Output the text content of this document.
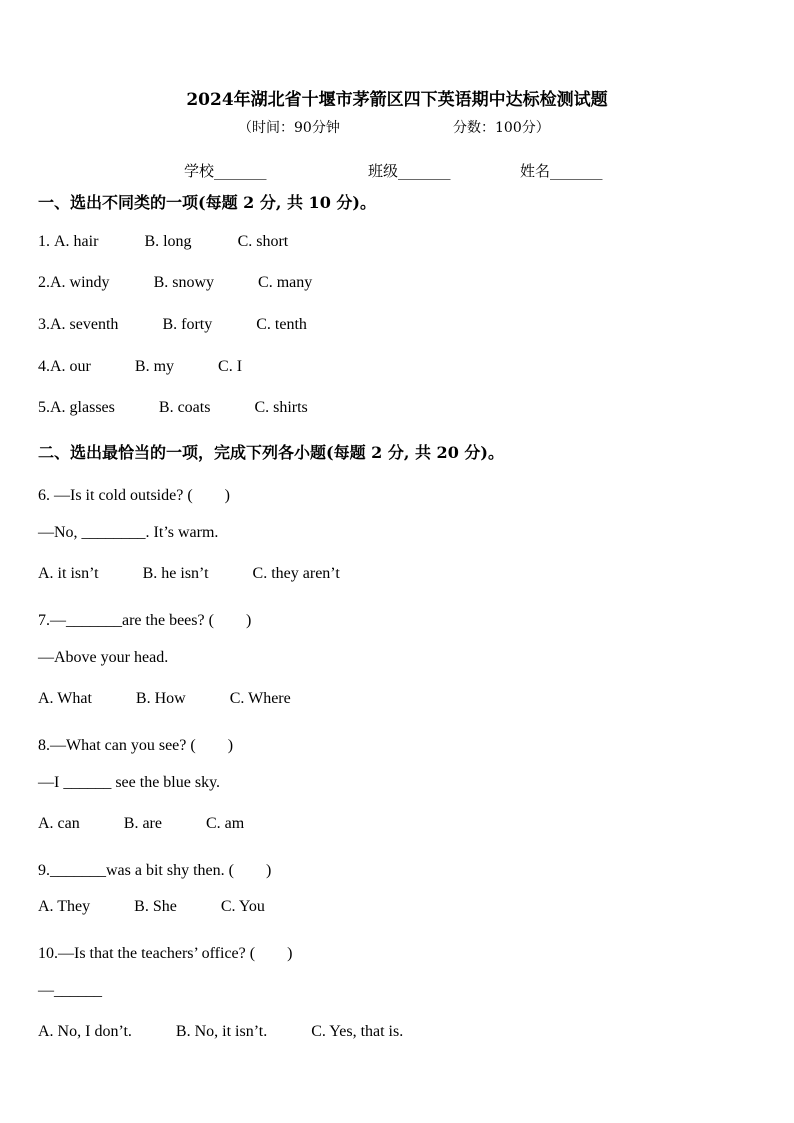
2024年湖北省十堰市茅箭区四下英语期中达标检测试题
（时间：90分钟	分数：100分）
学校_______	班级_______	姓名_______
一、选出不同类的一项(每题 2 分, 共 10 分)。
1. A. hair	B. long	C. short
2.A. windy	B. snowy	C. many
3.A. seventh	B. forty	C. tenth
4.A. our	B. my	C. I
5.A. glasses	B. coats	C. shirts
二、选出最恰当的一项，完成下列各小题(每题 2 分, 共 20 分)。
6. —Is it cold outside? (　　)
—No, ________. It’s warm.
A. it isn’t	B. he isn’t	C. they aren’t
7.—_______are the bees? (　　)
—Above your head.
A. What	B. How	C. Where
8.—What can you see? (　　)
—I ______ see the blue sky.
A. can	B. are	C. am
9._______was a bit shy then. (　　)
A. They	B. She	C. You
10.—Is that the teachers’ office? (　　)
—______
A. No, I don’t.	B. No, it isn’t.	C. Yes, that is.
